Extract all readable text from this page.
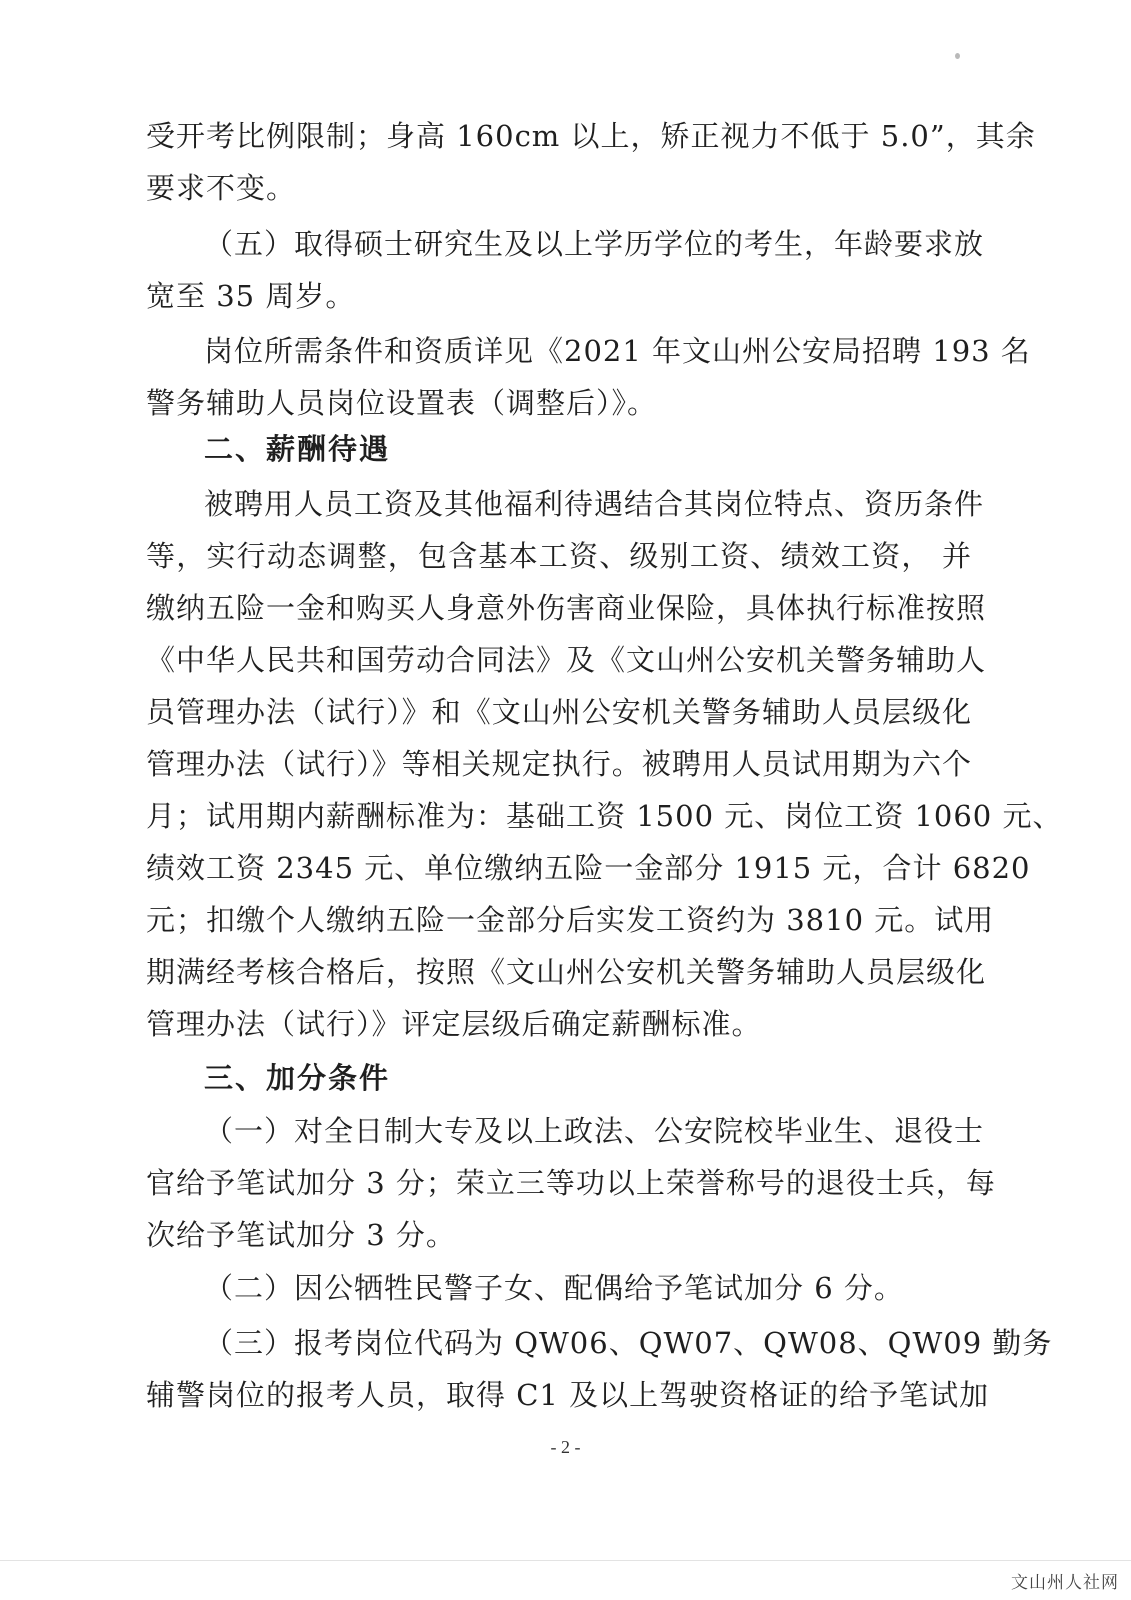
受开考比例限制；身高 160cm 以上，矫正视力不低于 5.0”，其余
要求不变。
（五）取得硕士研究生及以上学历学位的考生，年龄要求放
宽至 35 周岁。
岗位所需条件和资质详见《2021 年文山州公安局招聘 193 名
警务辅助人员岗位设置表（调整后）》。
二、薪酬待遇
被聘用人员工资及其他福利待遇结合其岗位特点、资历条件
等，实行动态调整，包含基本工资、级别工资、绩效工资， 并
缴纳五险一金和购买人身意外伤害商业保险，具体执行标准按照
《中华人民共和国劳动合同法》及《文山州公安机关警务辅助人
员管理办法（试行）》和《文山州公安机关警务辅助人员层级化
管理办法（试行）》等相关规定执行。被聘用人员试用期为六个
月；试用期内薪酬标准为：基础工资 1500 元、岗位工资 1060 元、
绩效工资 2345 元、单位缴纳五险一金部分 1915 元，合计 6820
元；扣缴个人缴纳五险一金部分后实发工资约为 3810 元。试用
期满经考核合格后，按照《文山州公安机关警务辅助人员层级化
管理办法（试行）》评定层级后确定薪酬标准。
三、加分条件
（一）对全日制大专及以上政法、公安院校毕业生、退役士
官给予笔试加分 3 分；荣立三等功以上荣誉称号的退役士兵，每
次给予笔试加分 3 分。
（二）因公牺牲民警子女、配偶给予笔试加分 6 分。
（三）报考岗位代码为 QW06、QW07、QW08、QW09 勤务
辅警岗位的报考人员，取得 C1 及以上驾驶资格证的给予笔试加
- 2 -
文山州人社网
